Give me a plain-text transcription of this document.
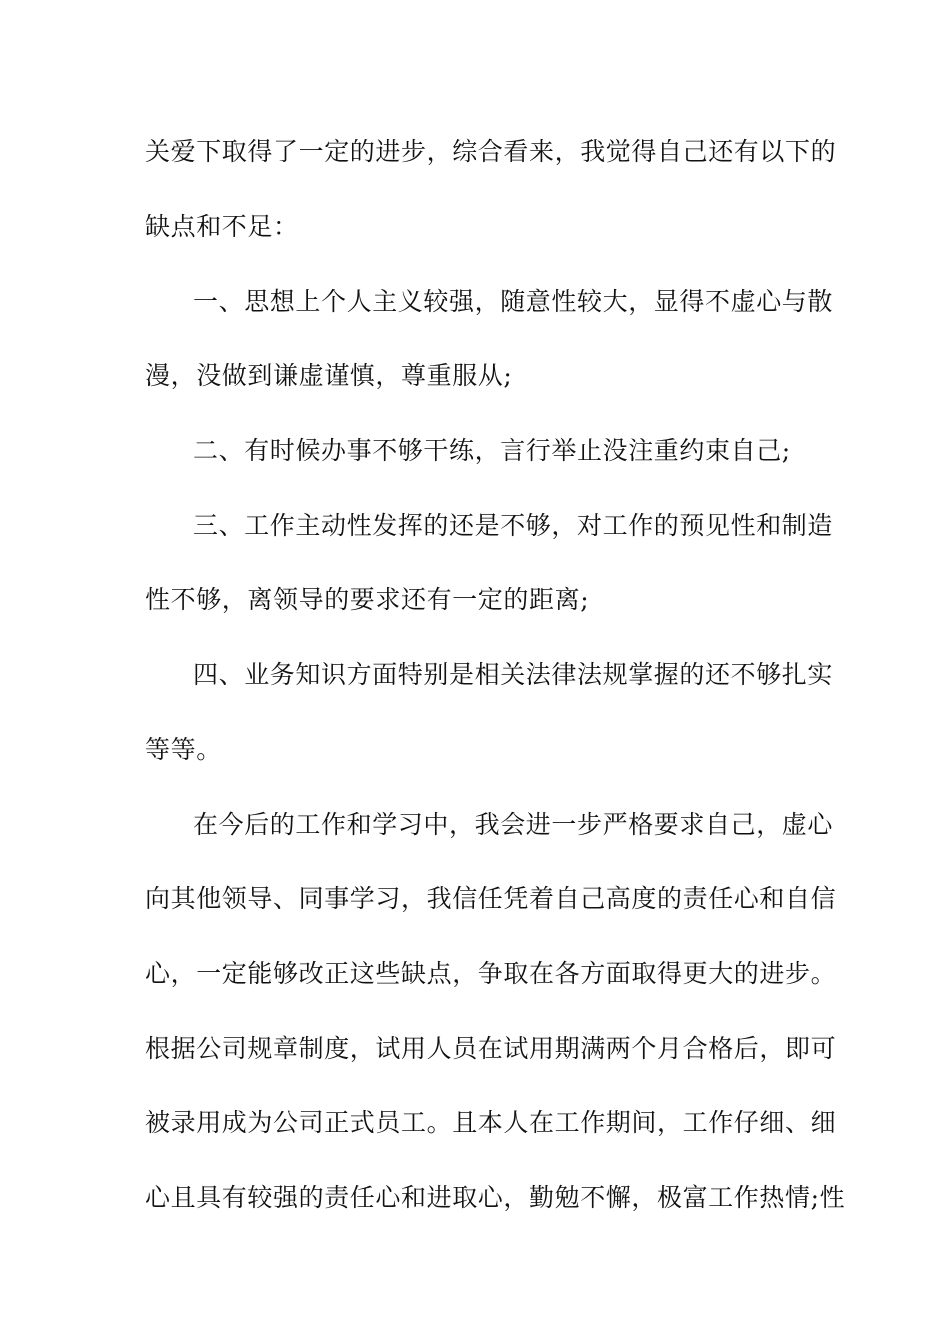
关爱下取得了一定的进步，综合看来，我觉得自己还有以下的
缺点和不足：
一、思想上个人主义较强，随意性较大，显得不虚心与散
漫，没做到谦虚谨慎，尊重服从;
二、有时候办事不够干练，言行举止没注重约束自己;
三、工作主动性发挥的还是不够，对工作的预见性和制造
性不够，离领导的要求还有一定的距离;
四、业务知识方面特别是相关法律法规掌握的还不够扎实
等等。
在今后的工作和学习中，我会进一步严格要求自己，虚心
向其他领导、同事学习，我信任凭着自己高度的责任心和自信
心，一定能够改正这些缺点，争取在各方面取得更大的进步。
根据公司规章制度，试用人员在试用期满两个月合格后，即可
被录用成为公司正式员工。且本人在工作期间，工作仔细、细
心且具有较强的责任心和进取心，勤勉不懈，极富工作热情;性
